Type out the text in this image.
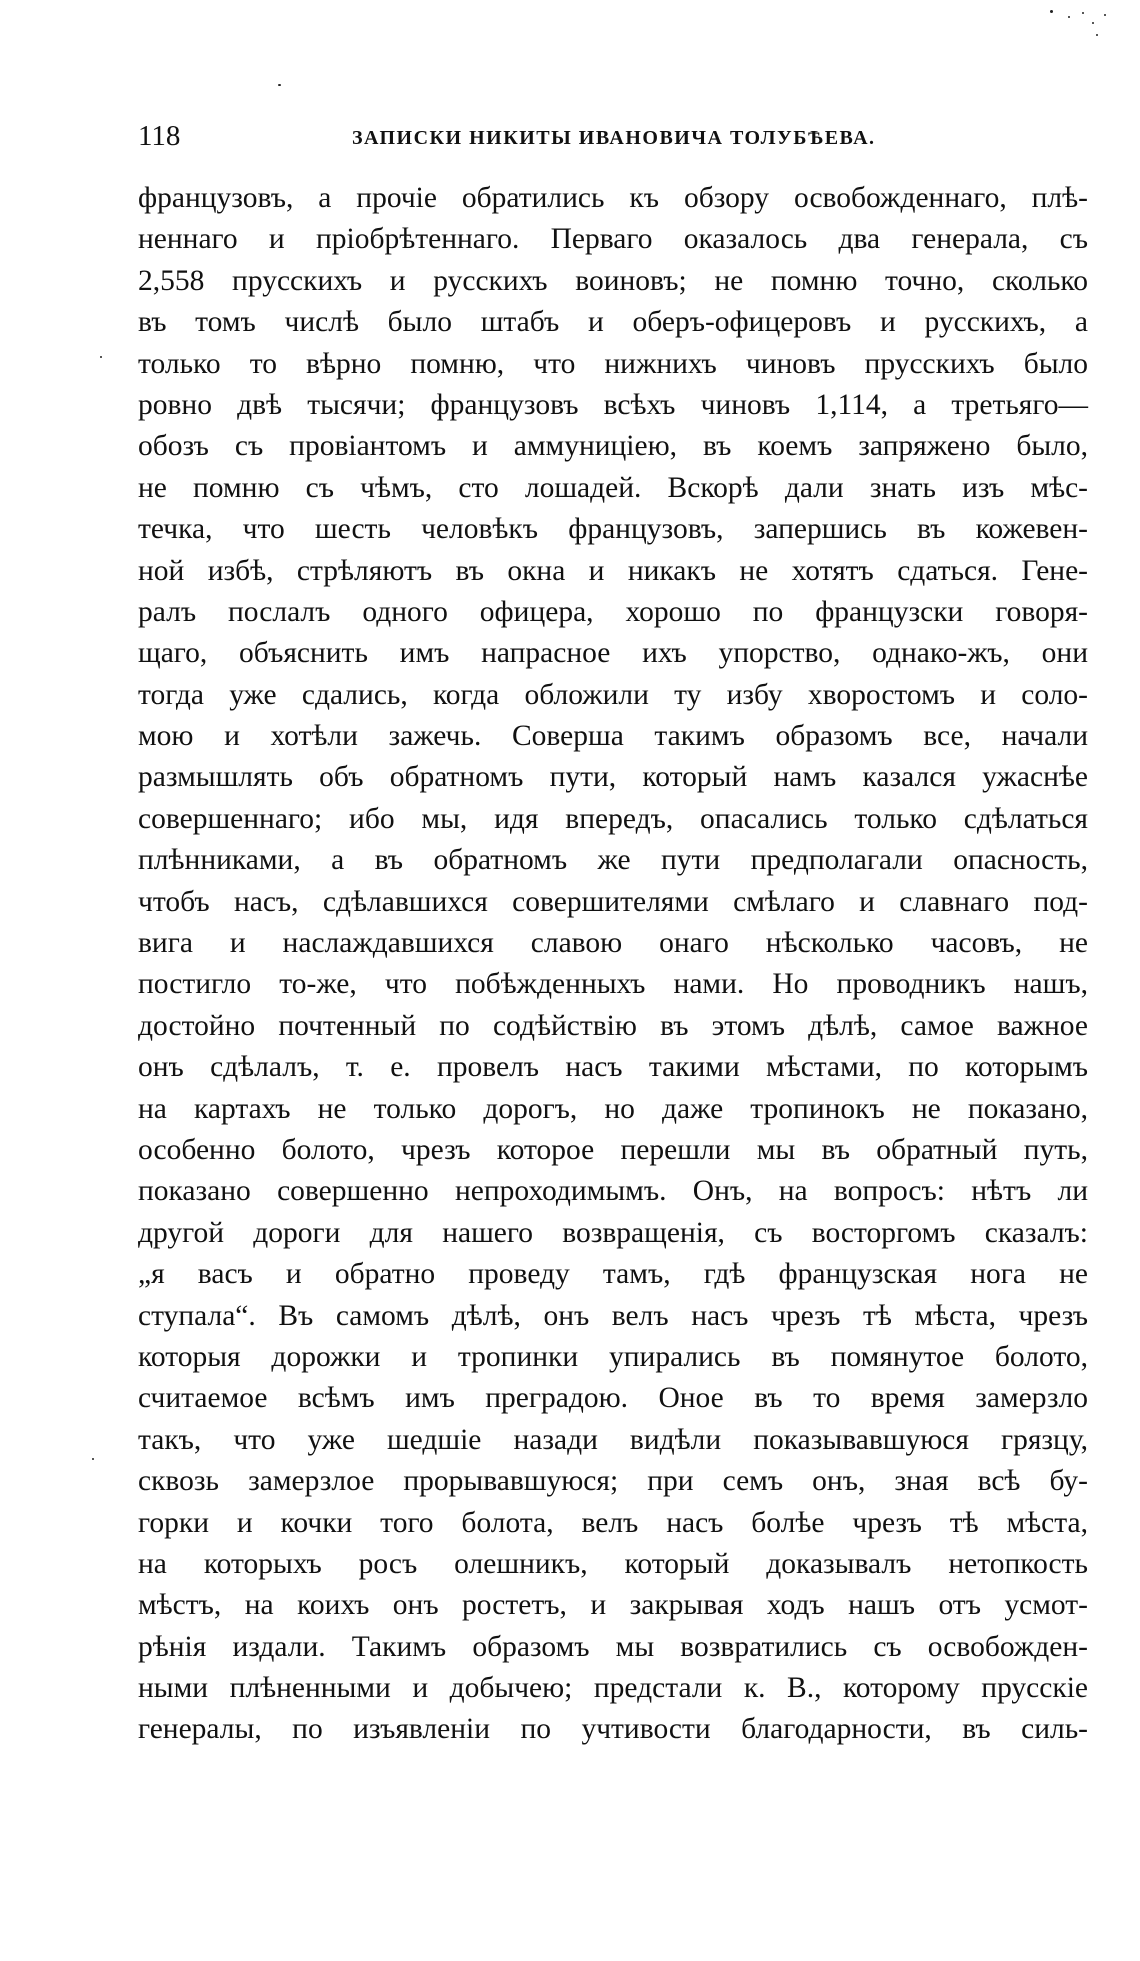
118	ЗАПИСКИ НИКИТЫ ИВАНОВИЧА ТОЛУБѢЕВА.
французовъ, а прочіе обратились къ обзору освобожденнаго, плѣ-
неннаго и пріобрѣтеннаго. Перваго оказалось два генерала, съ
2,558 прусскихъ и русскихъ воиновъ; не помню точно, сколько
въ томъ числѣ было штабъ и оберъ-офицеровъ и русскихъ, а
только то вѣрно помню, что нижнихъ чиновъ прусскихъ было
ровно двѣ тысячи; французовъ всѣхъ чиновъ 1,114, а третьяго—
обозъ съ провіантомъ и аммуниціею, въ коемъ запряжено было,
не помню съ чѣмъ, сто лошадей. Вскорѣ дали знать изъ мѣс-
течка, что шесть человѣкъ французовъ, запершись въ кожевен-
ной избѣ, стрѣляютъ въ окна и никакъ не хотятъ сдаться. Гене-
ралъ послалъ одного офицера, хорошо по французски говоря-
щаго, объяснить имъ напрасное ихъ упорство, однако-жъ, они
тогда уже сдались, когда обложили ту избу хворостомъ и соло-
мою и хотѣли зажечь. Соверша такимъ образомъ все, начали
размышлять объ обратномъ пути, который намъ казался ужаснѣе
совершеннаго; ибо мы, идя впередъ, опасались только сдѣлаться
плѣнниками, а въ обратномъ же пути предполагали опасность,
чтобъ насъ, сдѣлавшихся совершителями смѣлаго и славнаго под-
вига и наслаждавшихся славою онаго нѣсколько часовъ, не
постигло то-же, что побѣжденныхъ нами. Но проводникъ нашъ,
достойно почтенный по содѣйствію въ этомъ дѣлѣ, самое важное
онъ сдѣлалъ, т. е. провелъ насъ такими мѣстами, по которымъ
на картахъ не только дорогъ, но даже тропинокъ не показано,
особенно болото, чрезъ которое перешли мы въ обратный путь,
показано совершенно непроходимымъ. Онъ, на вопросъ: нѣтъ ли
другой дороги для нашего возвращенія, съ восторгомъ сказалъ:
„я васъ и обратно проведу тамъ, гдѣ французская нога не
ступала“. Въ самомъ дѣлѣ, онъ велъ насъ чрезъ тѣ мѣста, чрезъ
которыя дорожки и тропинки упирались въ помянутое болото,
считаемое всѣмъ имъ преградою. Оное въ то время замерзло
такъ, что уже шедшіе назади видѣли показывавшуюся грязцу,
сквозь замерзлое прорывавшуюся; при семъ онъ, зная всѣ бу-
горки и кочки того болота, велъ насъ болѣе чрезъ тѣ мѣста,
на которыхъ росъ олешникъ, который доказывалъ нетопкость
мѣстъ, на коихъ онъ ростетъ, и закрывая ходъ нашъ отъ усмот-
рѣнія издали. Такимъ образомъ мы возвратились съ освобожден-
ными плѣненными и добычею; предстали к. В., которому прусскіе
генералы, по изъявленіи по учтивости благодарности, въ силь-
